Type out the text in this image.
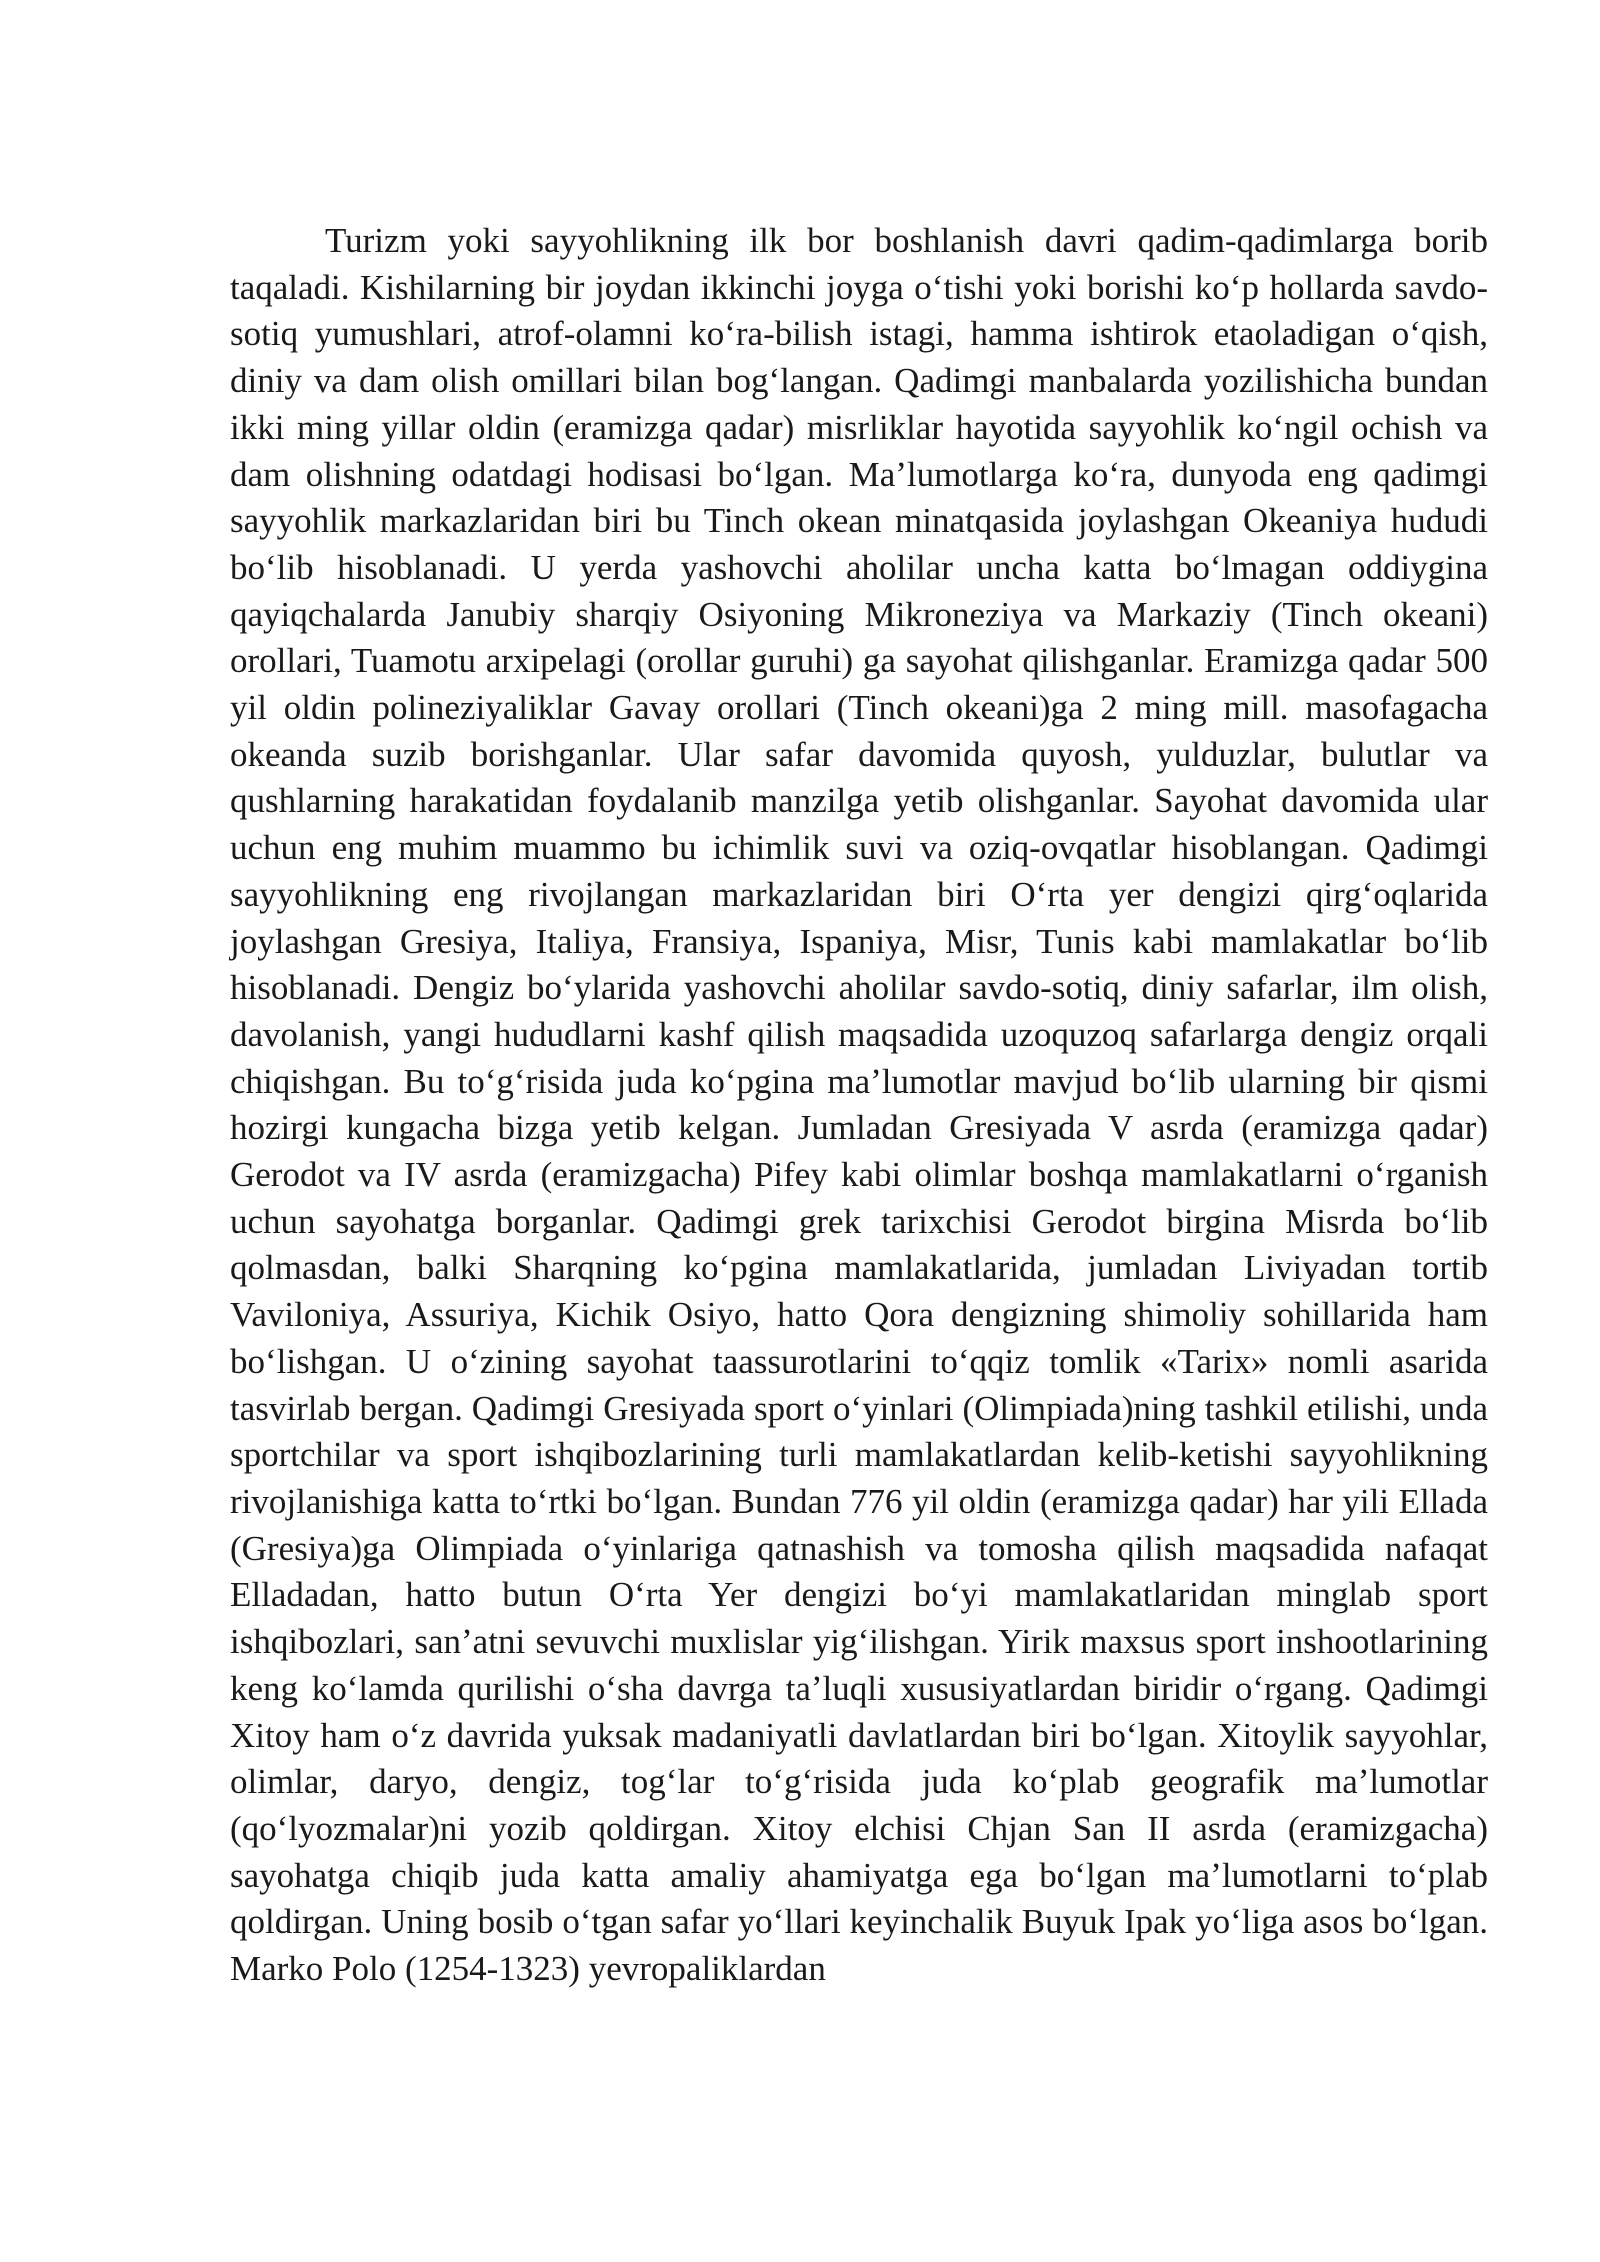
Turizm yoki sayyohlikning ilk bor boshlanish davri qadim-qadimlarga borib taqaladi. Kishilarning bir joydan ikkinchi joyga oʻtishi yoki borishi koʻp hollarda savdo-sotiq yumushlari, atrof-olamni koʻra-bilish istagi, hamma ishtirok etaoladigan oʻqish, diniy va dam olish omillari bilan bogʻlangan. Qadimgi manbalarda yozilishicha bundan ikki ming yillar oldin (eramizga qadar) misrliklar hayotida sayyohlik koʻngil ochish va dam olishning odatdagi hodisasi boʻlgan. Maʼlumotlarga koʻra, dunyoda eng qadimgi sayyohlik markazlaridan biri bu Tinch okean minatqasida joylashgan Okeaniya hududi boʻlib hisoblanadi. U yerda yashovchi aholilar uncha katta boʻlmagan oddiygina qayiqchalarda Janubiy sharqiy Osiyoning Mikroneziya va Markaziy (Tinch okeani) orollari, Tuamotu arxipelagi (orollar guruhi) ga sayohat qilishganlar. Eramizga qadar 500 yil oldin polineziyaliklar Gavay orollari (Tinch okeani)ga 2 ming mill. masofagacha okeanda suzib borishganlar. Ular safar davomida quyosh, yulduzlar, bulutlar va qushlarning harakatidan foydalanib manzilga yetib olishganlar. Sayohat davomida ular uchun eng muhim muammo bu ichimlik suvi va oziq-ovqatlar hisoblangan. Qadimgi sayyohlikning eng rivojlangan markazlaridan biri Oʻrta yer dengizi qirgʻoqlarida joylashgan Gresiya, Italiya, Fransiya, Ispaniya, Misr, Tunis kabi mamlakatlar boʻlib hisoblanadi. Dengiz boʻylarida yashovchi aholilar savdo-sotiq, diniy safarlar, ilm olish, davolanish, yangi hududlarni kashf qilish maqsadida uzoquzoq safarlarga dengiz orqali chiqishgan. Bu toʻgʻrisida juda koʻpgina maʼlumotlar mavjud boʻlib ularning bir qismi hozirgi kungacha bizga yetib kelgan. Jumladan Gresiyada V asrda (eramizga qadar) Gerodot va IV asrda (eramizgacha) Pifey kabi olimlar boshqa mamlakatlarni oʻrganish uchun sayohatga borganlar. Qadimgi grek tarixchisi Gerodot birgina Misrda boʻlib qolmasdan, balki Sharqning koʻpgina mamlakatlarida, jumladan Liviyadan tortib Vaviloniya, Assuriya, Kichik Osiyo, hatto Qora dengizning shimoliy sohillarida ham boʻlishgan. U oʻzining sayohat taassurotlarini toʻqqiz tomlik «Tarix» nomli asarida tasvirlab bergan. Qadimgi Gresiyada sport oʻyinlari (Olimpiada)ning tashkil etilishi, unda sportchilar va sport ishqibozlarining turli mamlakatlardan kelib-ketishi sayyohlikning rivojlanishiga katta toʻrtki boʻlgan. Bundan 776 yil oldin (eramizga qadar) har yili Ellada (Gresiya)ga Olimpiada oʻyinlariga qatnashish va tomosha qilish maqsadida nafaqat Elladadan, hatto butun Oʻrta Yer dengizi boʻyi mamlakatlaridan minglab sport ishqibozlari, sanʼatni sevuvchi muxlislar yigʻilishgan. Yirik maxsus sport inshootlarining keng koʻlamda qurilishi oʻsha davrga taʼluqli xususiyatlardan biridir oʻrgang. Qadimgi Xitoy ham oʻz davrida yuksak madaniyatli davlatlardan biri boʻlgan. Xitoylik sayyohlar, olimlar, daryo, dengiz, togʻlar toʻgʻrisida juda koʻplab geografik maʼlumotlar (qoʻlyozmalar)ni yozib qoldirgan. Xitoy elchisi Chjan San II asrda (eramizgacha) sayohatga chiqib juda katta amaliy ahamiyatga ega boʻlgan maʼlumotlarni toʻplab qoldirgan. Uning bosib oʻtgan safar yoʻllari keyinchalik Buyuk Ipak yoʻliga asos boʻlgan. Marko Polo (1254-1323) yevropaliklardan
